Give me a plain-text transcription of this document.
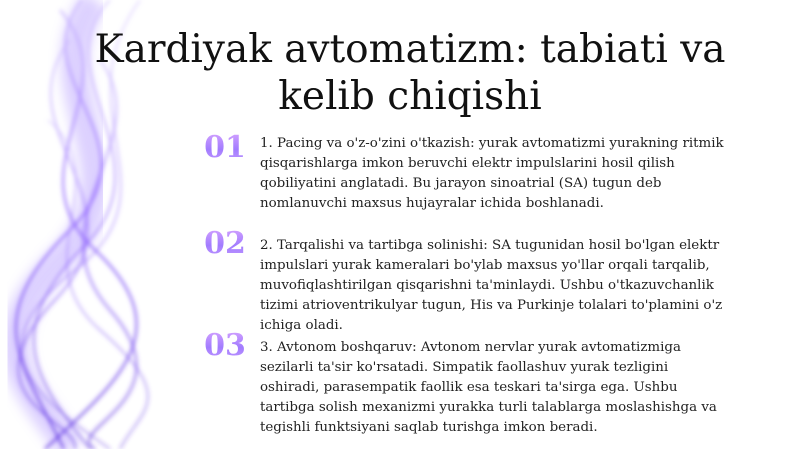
Kardiyak avtomatizm: tabiati va kelib chiqishi
01	1. Pacing va o'z-o'zini o'tkazish: yurak avtomatizmi yurakning ritmik qisqarishlarga imkon beruvchi elektr impulslarini hosil qilish qobiliyatini anglatadi. Bu jarayon sinoatrial (SA) tugun deb nomlanuvchi maxsus hujayralar ichida boshlanadi.

02	2. Tarqalishi va tartibga solinishi: SA tugunidan hosil bo'lgan elektr impulslari yurak kameralari bo'ylab maxsus yo'llar orqali tarqalib, muvofiqlashtirilgan qisqarishni ta'minlaydi. Ushbu o'tkazuvchanlik tizimi atrioventrikulyar tugun, His va Purkinje tolalari to'plamini o'z ichiga oladi.

03	3. Avtonom boshqaruv: Avtonom nervlar yurak avtomatizmiga sezilarli ta'sir ko'rsatadi. Simpatik faollashuv yurak tezligini oshiradi, parasempatik faollik esa teskari ta'sirga ega. Ushbu tartibga solish mexanizmi yurakka turli talablarga moslashishga va tegishli funktsiyani saqlab turishga imkon beradi.
